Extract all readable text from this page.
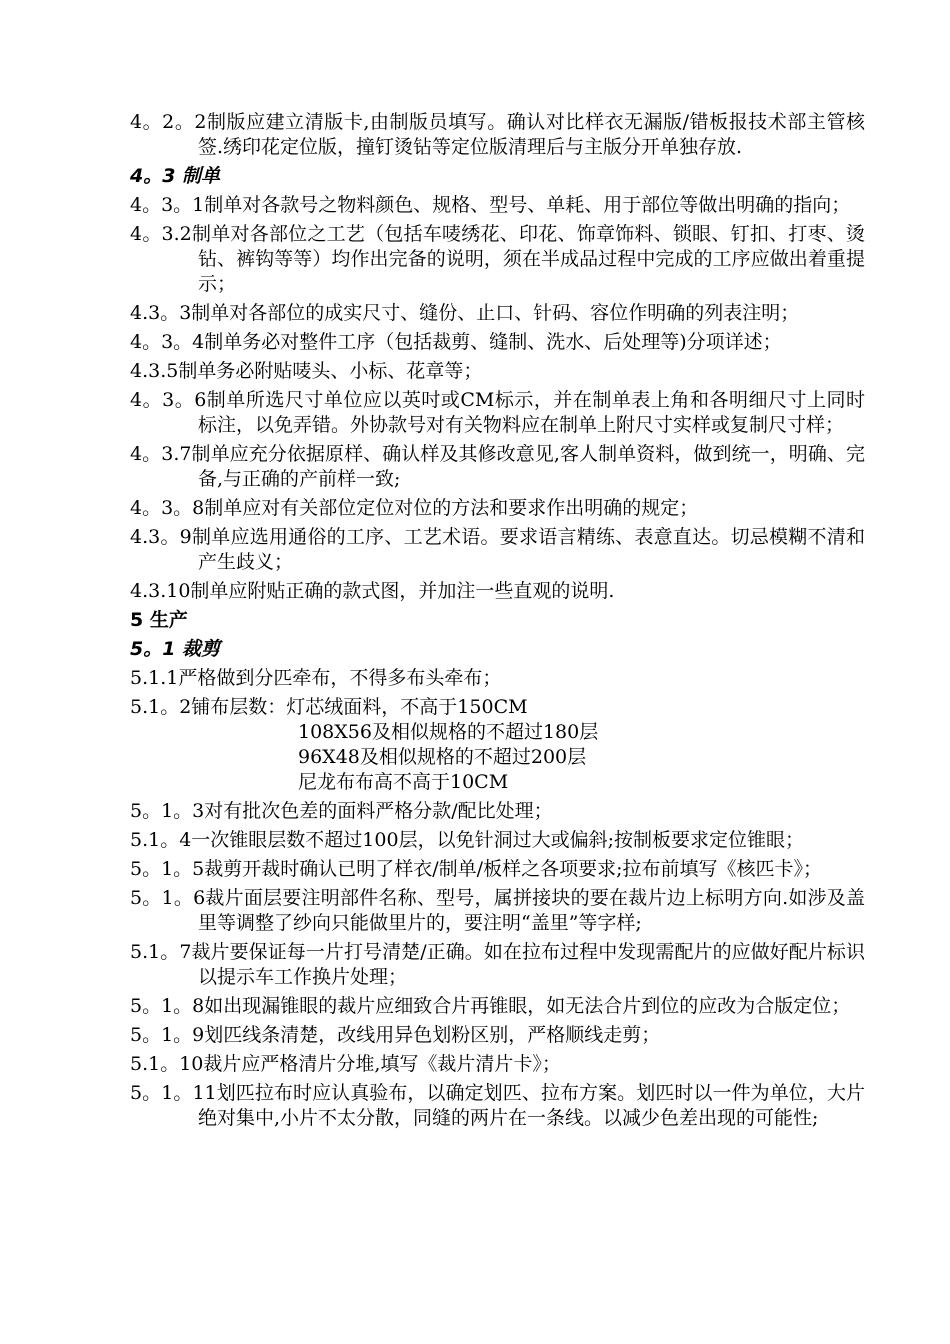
4。2。2制版应建立清版卡,由制版员填写。确认对比样衣无漏版/错板报技术部主管核签.绣印花定位版，撞钉烫钻等定位版清理后与主版分开单独存放.

4。3 制单

4。3。1制单对各款号之物料颜色、规格、型号、单耗、用于部位等做出明确的指向；

4。3.2制单对各部位之工艺（包括车唛绣花、印花、饰章饰料、锁眼、钉扣、打枣、烫钻、裤钩等等）均作出完备的说明，须在半成品过程中完成的工序应做出着重提示；

4.3。3制单对各部位的成实尺寸、缝份、止口、针码、容位作明确的列表注明；

4。3。4制单务必对整件工序（包括裁剪、缝制、洗水、后处理等)分项详述；

4.3.5制单务必附贴唛头、小标、花章等；

4。3。6制单所选尺寸单位应以英吋或CM标示，并在制单表上角和各明细尺寸上同时标注，以免弄错。外协款号对有关物料应在制单上附尺寸实样或复制尺寸样；

4。3.7制单应充分依据原样、确认样及其修改意见,客人制单资料，做到统一，明确、完备,与正确的产前样一致;

4。3。8制单应对有关部位定位对位的方法和要求作出明确的规定；

4.3。9制单应选用通俗的工序、工艺术语。要求语言精练、表意直达。切忌模糊不清和产生歧义；

4.3.10制单应附贴正确的款式图，并加注一些直观的说明.

5 生产
5。1 裁剪

5.1.1严格做到分匹牵布，不得多布头牵布；

5.1。2铺布层数：灯芯绒面料，不高于150CM

108X56及相似规格的不超过180层

96X48及相似规格的不超过200层

尼龙布布高不高于10CM

5。1。3对有批次色差的面料严格分款/配比处理；

5.1。4一次锥眼层数不超过100层，以免针洞过大或偏斜;按制板要求定位锥眼；

5。1。5裁剪开裁时确认已明了样衣/制单/板样之各项要求;拉布前填写《核匹卡》；

5。1。6裁片面层要注明部件名称、型号，属拼接块的要在裁片边上标明方向.如涉及盖里等调整了纱向只能做里片的，要注明“盖里”等字样;

5.1。7裁片要保证每一片打号清楚/正确。如在拉布过程中发现需配片的应做好配片标识以提示车工作换片处理；

5。1。8如出现漏锥眼的裁片应细致合片再锥眼，如无法合片到位的应改为合版定位；

5。1。9划匹线条清楚，改线用异色划粉区别，严格顺线走剪；

5.1。10裁片应严格清片分堆,填写《裁片清片卡》；

5。1。11划匹拉布时应认真验布，以确定划匹、拉布方案。划匹时以一件为单位，大片绝对集中,小片不太分散，同缝的两片在一条线。以减少色差出现的可能性;
